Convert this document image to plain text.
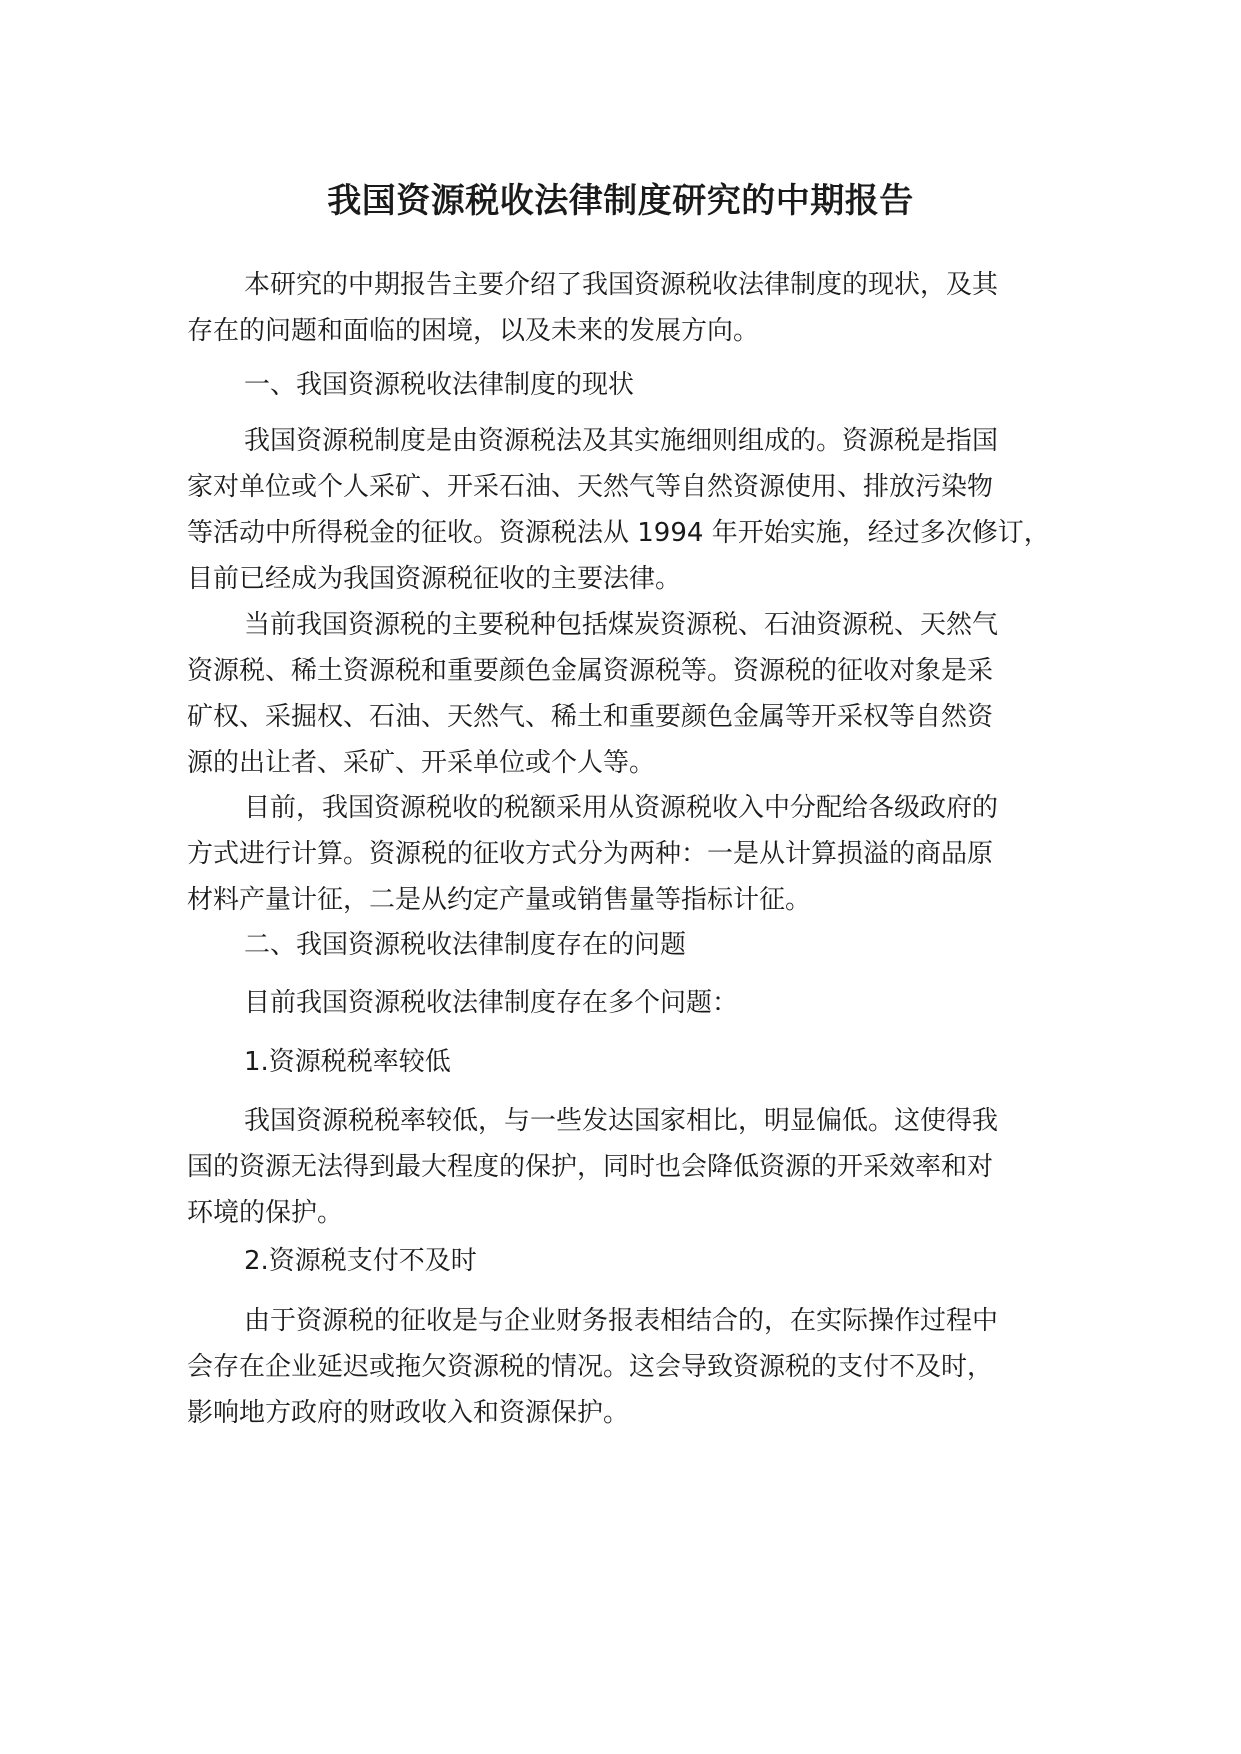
我国资源税收法律制度研究的中期报告
本研究的中期报告主要介绍了我国资源税收法律制度的现状，及其
存在的问题和面临的困境，以及未来的发展方向。
一、我国资源税收法律制度的现状
我国资源税制度是由资源税法及其实施细则组成的。资源税是指国
家对单位或个人采矿、开采石油、天然气等自然资源使用、排放污染物
等活动中所得税金的征收。资源税法从 1994 年开始实施，经过多次修订，
目前已经成为我国资源税征收的主要法律。
当前我国资源税的主要税种包括煤炭资源税、石油资源税、天然气
资源税、稀土资源税和重要颜色金属资源税等。资源税的征收对象是采
矿权、采掘权、石油、天然气、稀土和重要颜色金属等开采权等自然资
源的出让者、采矿、开采单位或个人等。
目前，我国资源税收的税额采用从资源税收入中分配给各级政府的
方式进行计算。资源税的征收方式分为两种：一是从计算损溢的商品原
材料产量计征，二是从约定产量或销售量等指标计征。
二、我国资源税收法律制度存在的问题
目前我国资源税收法律制度存在多个问题：
1.资源税税率较低
我国资源税税率较低，与一些发达国家相比，明显偏低。这使得我
国的资源无法得到最大程度的保护，同时也会降低资源的开采效率和对
环境的保护。
2.资源税支付不及时
由于资源税的征收是与企业财务报表相结合的，在实际操作过程中
会存在企业延迟或拖欠资源税的情况。这会导致资源税的支付不及时，
影响地方政府的财政收入和资源保护。
